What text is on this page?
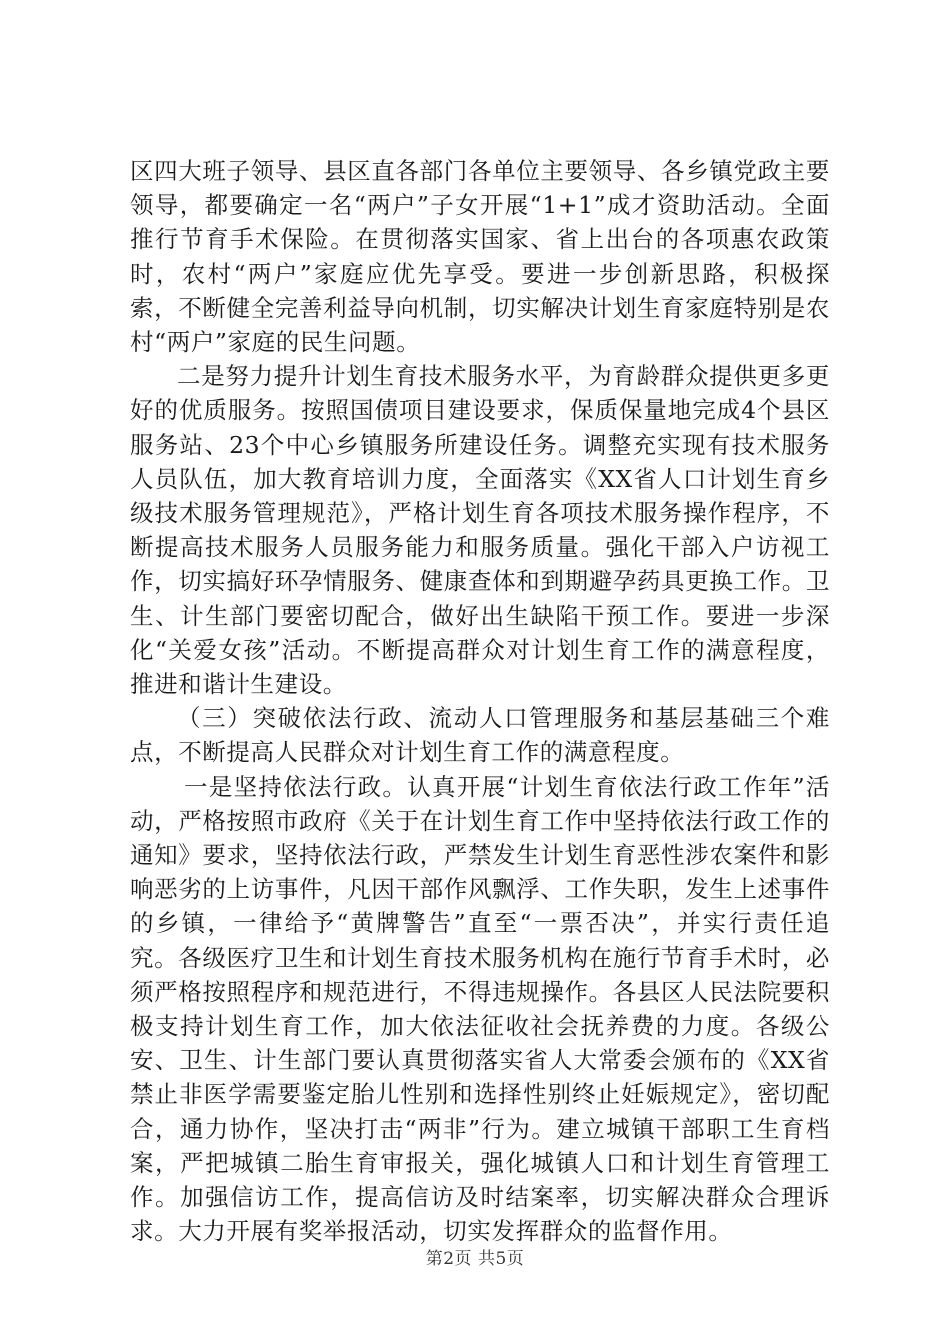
区四大班子领导、县区直各部门各单位主要领导、各乡镇党政主要领导，都要确定一名“两户”子女开展“1+1”成才资助活动。全面推行节育手术保险。在贯彻落实国家、省上出台的各项惠农政策时，农村“两户”家庭应优先享受。要进一步创新思路，积极探索，不断健全完善利益导向机制，切实解决计划生育家庭特别是农村“两户”家庭的民生问题。

二是努力提升计划生育技术服务水平，为育龄群众提供更多更好的优质服务。按照国债项目建设要求，保质保量地完成4个县区服务站、23个中心乡镇服务所建设任务。调整充实现有技术服务人员队伍，加大教育培训力度，全面落实《XX省人口计划生育乡级技术服务管理规范》，严格计划生育各项技术服务操作程序，不断提高技术服务人员服务能力和服务质量。强化干部入户访视工作，切实搞好环孕情服务、健康查体和到期避孕药具更换工作。卫生、计生部门要密切配合，做好出生缺陷干预工作。要进一步深化“关爱女孩”活动。不断提高群众对计划生育工作的满意程度，推进和谐计生建设。

（三）突破依法行政、流动人口管理服务和基层基础三个难点，不断提高人民群众对计划生育工作的满意程度。

一是坚持依法行政。认真开展“计划生育依法行政工作年”活动，严格按照市政府《关于在计划生育工作中坚持依法行政工作的通知》要求，坚持依法行政，严禁发生计划生育恶性涉农案件和影响恶劣的上访事件，凡因干部作风飘浮、工作失职，发生上述事件的乡镇，一律给予“黄牌警告”直至“一票否决”，并实行责任追究。各级医疗卫生和计划生育技术服务机构在施行节育手术时，必须严格按照程序和规范进行，不得违规操作。各县区人民法院要积极支持计划生育工作，加大依法征收社会抚养费的力度。各级公安、卫生、计生部门要认真贯彻落实省人大常委会颁布的《XX省禁止非医学需要鉴定胎儿性别和选择性别终止妊娠规定》，密切配合，通力协作，坚决打击“两非”行为。建立城镇干部职工生育档案，严把城镇二胎生育审报关，强化城镇人口和计划生育管理工作。加强信访工作，提高信访及时结案率，切实解决群众合理诉求。大力开展有奖举报活动，切实发挥群众的监督作用。

第2页 共5页
